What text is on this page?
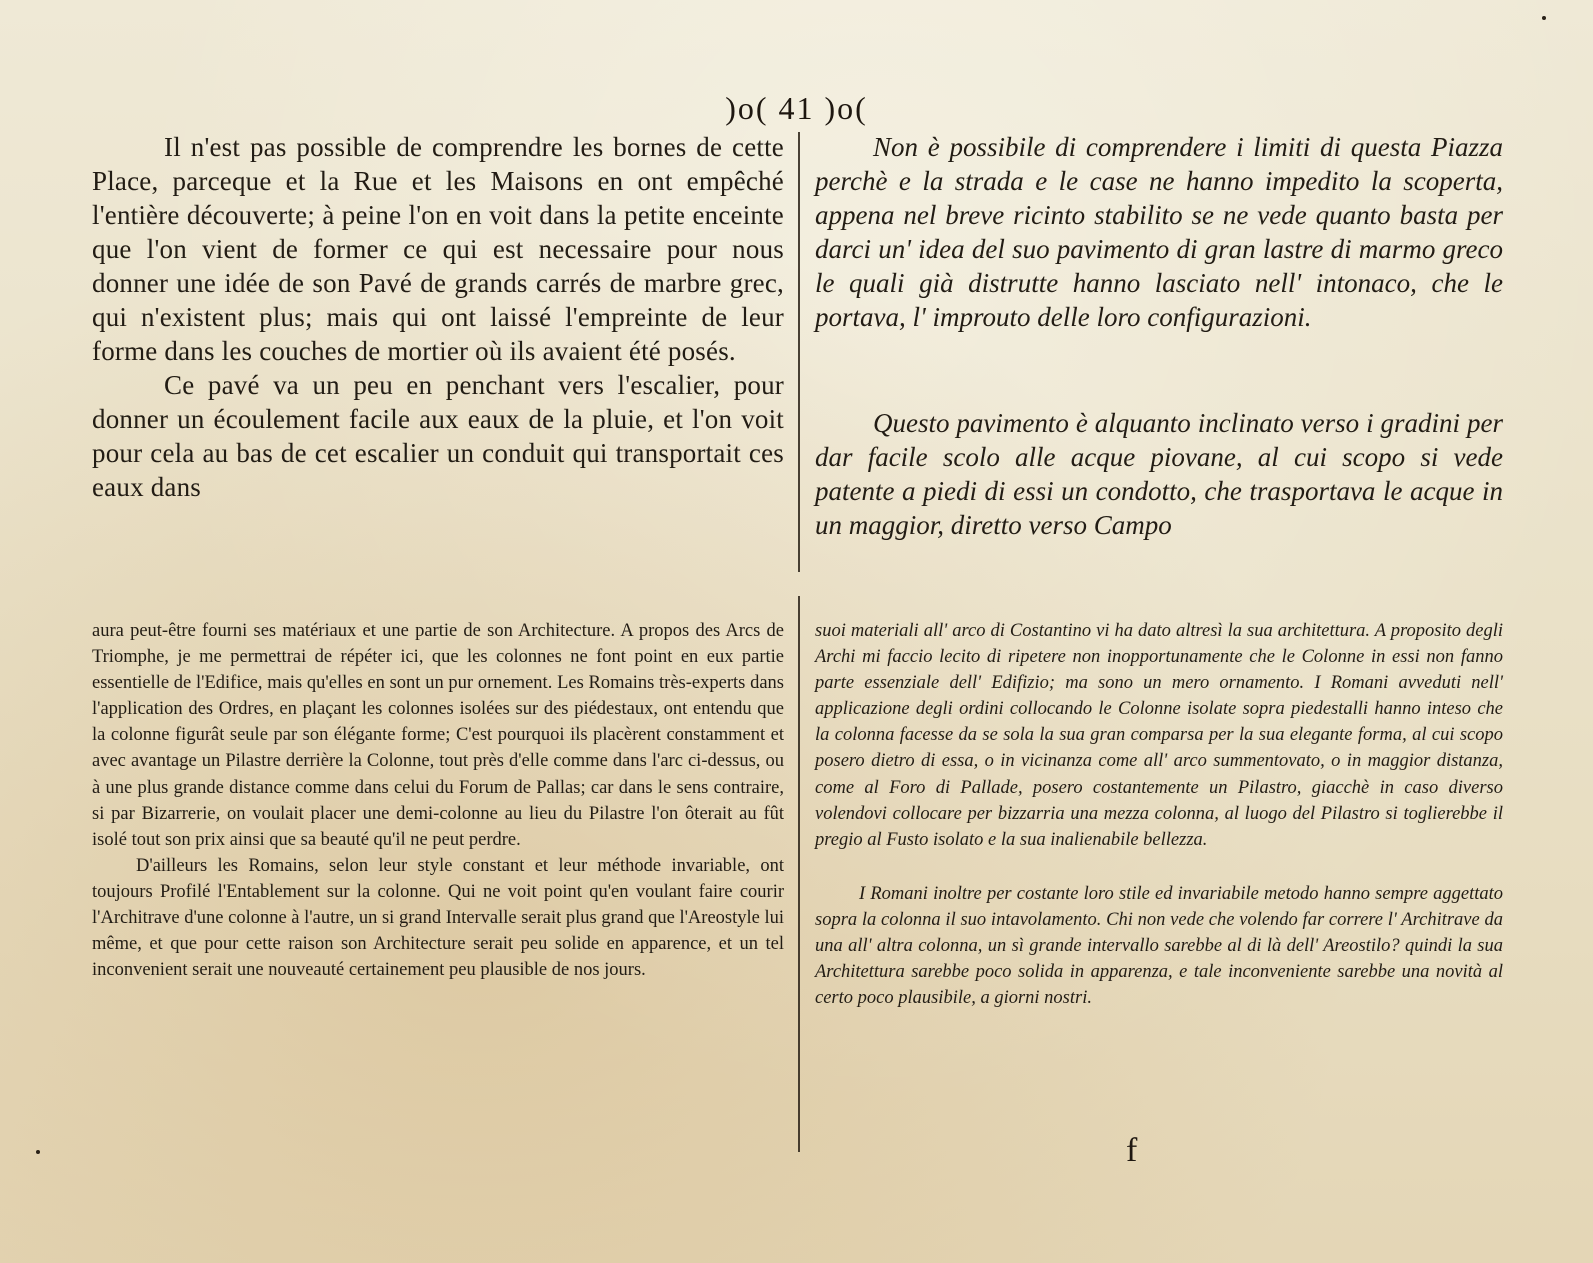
)o( 41 )o(

Il n'est pas possible de comprendre les bornes de cette Place, parceque et la Rue et les Maisons en ont empêché l'entière découverte; à peine l'on en voit dans la petite enceinte que l'on vient de former ce qui est necessaire pour nous donner une idée de son Pavé de grands carrés de marbre grec, qui n'existent plus; mais qui ont laissé l'empreinte de leur forme dans les couches de mortier où ils avaient été posés.

Ce pavé va un peu en penchant vers l'escalier, pour donner un écoulement facile aux eaux de la pluie, et l'on voit pour cela au bas de cet escalier un conduit qui transportait ces eaux dans

Non è possibile di comprendere i limiti di questa Piazza perchè e la strada e le case ne hanno impedito la scoperta, appena nel breve ricinto stabilito se ne vede quanto basta per darci un' idea del suo pavimento di gran lastre di marmo greco le quali già distrutte hanno lasciato nell' intonaco, che le portava, l' improuto delle loro configurazioni.

Questo pavimento è alquanto inclinato verso i gradini per dar facile scolo alle acque piovane, al cui scopo si vede patente a piedi di essi un condotto, che trasportava le acque in un maggior, diretto verso Campo

aura peut-être fourni ses matériaux et une partie de son Architecture. A propos des Arcs de Triomphe, je me permettrai de répéter ici, que les colonnes ne font point en eux partie essentielle de l'Edifice, mais qu'elles en sont un pur ornement. Les Romains très-experts dans l'application des Ordres, en plaçant les colonnes isolées sur des piédestaux, ont entendu que la colonne figurât seule par son élégante forme; C'est pourquoi ils placèrent constamment et avec avantage un Pilastre derrière la Colonne, tout près d'elle comme dans l'arc ci-dessus, ou à une plus grande distance comme dans celui du Forum de Pallas; car dans le sens contraire, si par Bizarrerie, on voulait placer une demi-colonne au lieu du Pilastre l'on ôterait au fût isolé tout son prix ainsi que sa beauté qu'il ne peut perdre.

D'ailleurs les Romains, selon leur style constant et leur méthode invariable, ont toujours Profilé l'Entablement sur la colonne. Qui ne voit point qu'en voulant faire courir l'Architrave d'une colonne à l'autre, un si grand Intervalle serait plus grand que l'Areostyle lui même, et que pour cette raison son Architecture serait peu solide en apparence, et un tel inconvenient serait une nouveauté certainement peu plausible de nos jours.

suoi materiali all' arco di Costantino vi ha dato altresì la sua architettura. A proposito degli Archi mi faccio lecito di ripetere non inopportunamente che le Colonne in essi non fanno parte essenziale dell' Edifizio; ma sono un mero ornamento. I Romani avveduti nell' applicazione degli ordini collocando le Colonne isolate sopra piedestalli hanno inteso che la colonna facesse da se sola la sua gran comparsa per la sua elegante forma, al cui scopo posero dietro di essa, o in vicinanza come all' arco summentovato, o in maggior distanza, come al Foro di Pallade, posero costantemente un Pilastro, giacchè in caso diverso volendovi collocare per bizzarria una mezza colonna, al luogo del Pilastro si toglierebbe il pregio al Fusto isolato e la sua inalienabile bellezza.

I Romani inoltre per costante loro stile ed invariabile metodo hanno sempre aggettato sopra la colonna il suo intavolamento. Chi non vede che volendo far correre l' Architrave da una all' altra colonna, un sì grande intervallo sarebbe al di là dell' Areostilo? quindi la sua Architettura sarebbe poco solida in apparenza, e tale inconveniente sarebbe una novità al certo poco plausibile, a giorni nostri.

f
